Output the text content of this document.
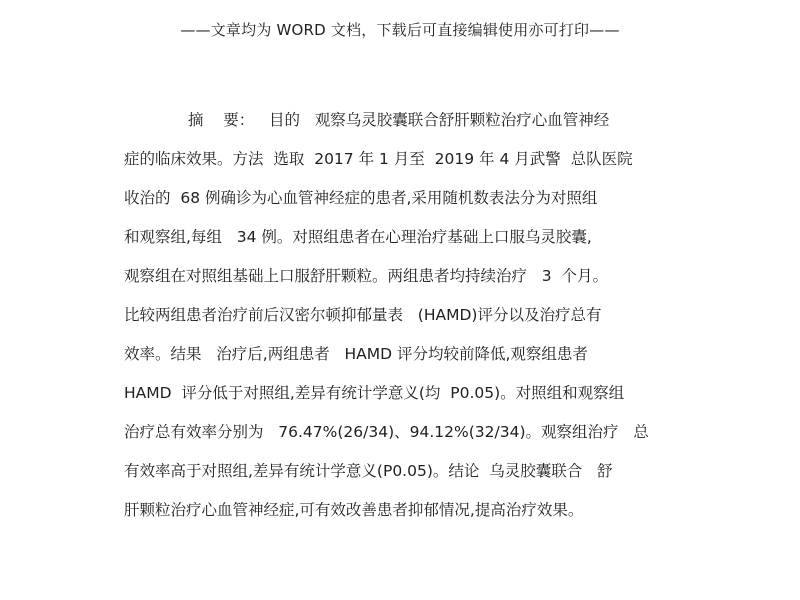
——文章均为 WORD 文档，下载后可直接编辑使用亦可打印——
摘    要：   目的   观察乌灵胶囊联合舒肝颗粒治疗心血管神经
症的临床效果。方法  选取  2017 年 1 月至  2019 年 4 月武警  总队医院
收治的  68 例确诊为心血管神经症的患者,采用随机数表法分为对照组
和观察组,每组   34 例。对照组患者在心理治疗基础上口服乌灵胶囊,
观察组在对照组基础上口服舒肝颗粒。两组患者均持续治疗   3  个月。
比较两组患者治疗前后汉密尔顿抑郁量表   (HAMD)评分以及治疗总有
效率。结果   治疗后,两组患者   HAMD 评分均较前降低,观察组患者
HAMD  评分低于对照组,差异有统计学意义(均  P0.05)。对照组和观察组
治疗总有效率分别为   76.47%(26/34)、94.12%(32/34)。观察组治疗   总
有效率高于对照组,差异有统计学意义(P0.05)。结论  乌灵胶囊联合   舒
肝颗粒治疗心血管神经症,可有效改善患者抑郁情况,提高治疗效果。
